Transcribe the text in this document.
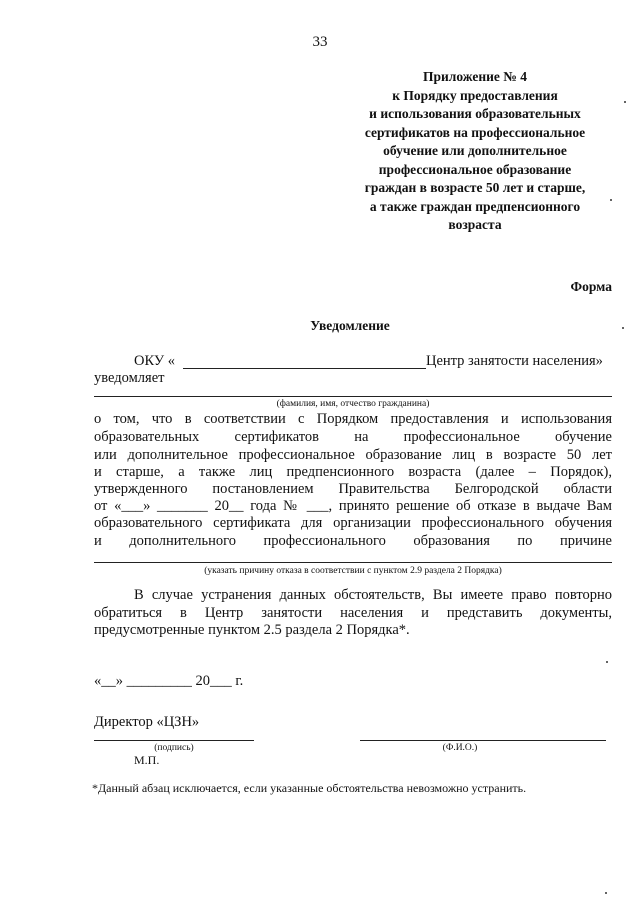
33
Приложение № 4
к Порядку предоставления
и использования образовательных
сертификатов на профессиональное
обучение или дополнительное
профессиональное образование
граждан в возрасте 50 лет и старше,
а также граждан предпенсионного
возраста
Форма
Уведомление
ОКУ «	Центр занятости населения»
уведомляет
(фамилия, имя, отчество гражданина)
о том, что в соответствии с Порядком предоставления и использования
образовательных сертификатов на профессиональное обучение
или дополнительное профессиональное образование лиц в возрасте 50 лет
и старше, а также лиц предпенсионного возраста (далее – Порядок),
утвержденного постановлением Правительства Белгородской области
от «___» _______ 20__ года № ___, принято решение об отказе в выдаче Вам
образовательного сертификата для организации профессионального обучения
и дополнительного профессионального образования по причине
(указать причину отказа в соответствии с пунктом 2.9 раздела 2 Порядка)
В случае устранения данных обстоятельств, Вы имеете право повторно
обратиться в Центр занятости населения и представить документы,
предусмотренные пунктом 2.5 раздела 2 Порядка*.
«__» _________ 20___ г.
Директор «ЦЗН»
(подпись)
М.П.
(Ф.И.О.)
*Данный абзац исключается, если указанные обстоятельства невозможно устранить.
